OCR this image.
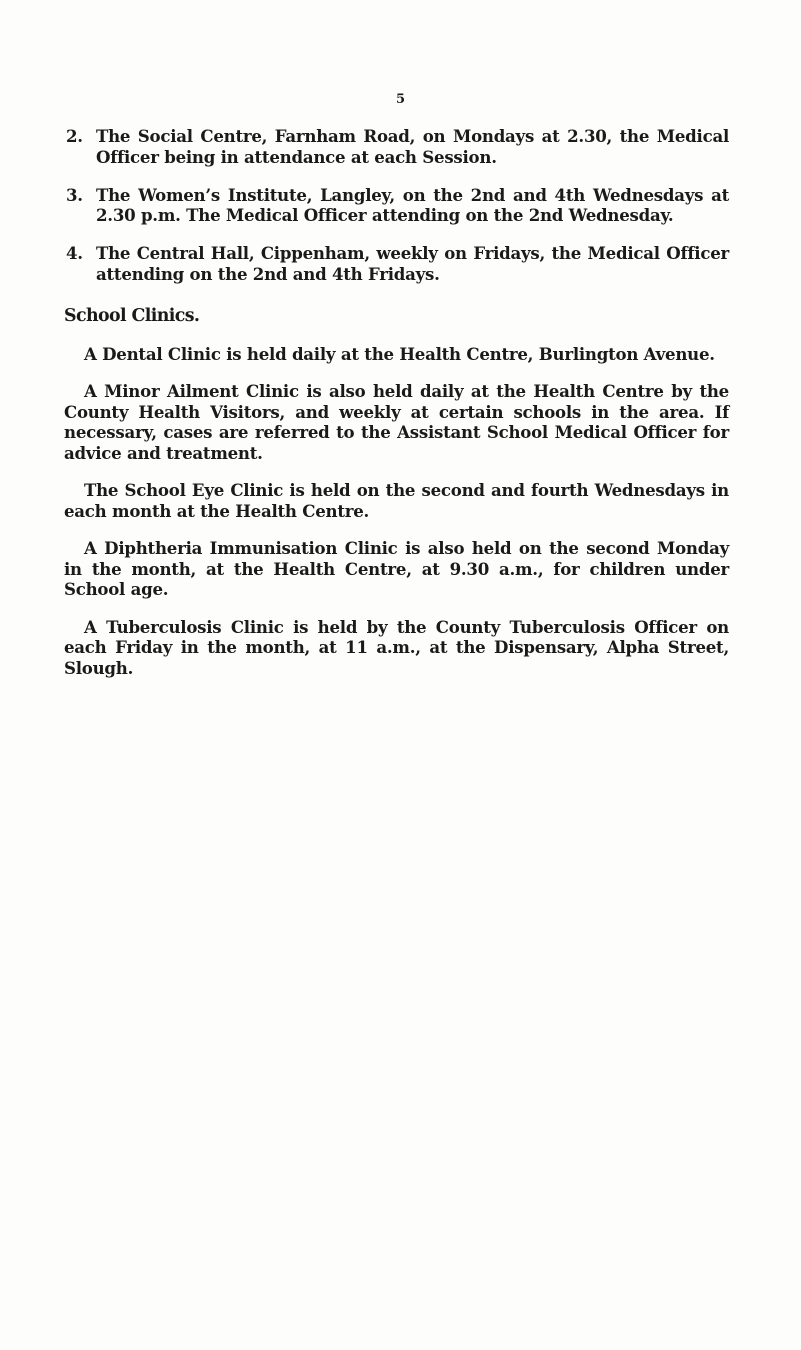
5
2. The Social Centre, Farnham Road, on Mondays at 2.30, the Medical Officer being in attendance at each Session.
3. The Women’s Institute, Langley, on the 2nd and 4th Wednesdays at 2.30 p.m. The Medical Officer attending on the 2nd Wednesday.
4. The Central Hall, Cippenham, weekly on Fridays, the Medical Officer attending on the 2nd and 4th Fridays.
School Clinics.

A Dental Clinic is held daily at the Health Centre, Burlington Avenue.

A Minor Ailment Clinic is also held daily at the Health Centre by the County Health Visitors, and weekly at certain schools in the area. If necessary, cases are referred to the Assistant School Medical Officer for advice and treatment.

The School Eye Clinic is held on the second and fourth Wednesdays in each month at the Health Centre.

A Diphtheria Immunisation Clinic is also held on the second Monday in the month, at the Health Centre, at 9.30 a.m., for children under School age.

A Tuberculosis Clinic is held by the County Tuberculosis Officer on each Friday in the month, at 11 a.m., at the Dispensary, Alpha Street, Slough.
